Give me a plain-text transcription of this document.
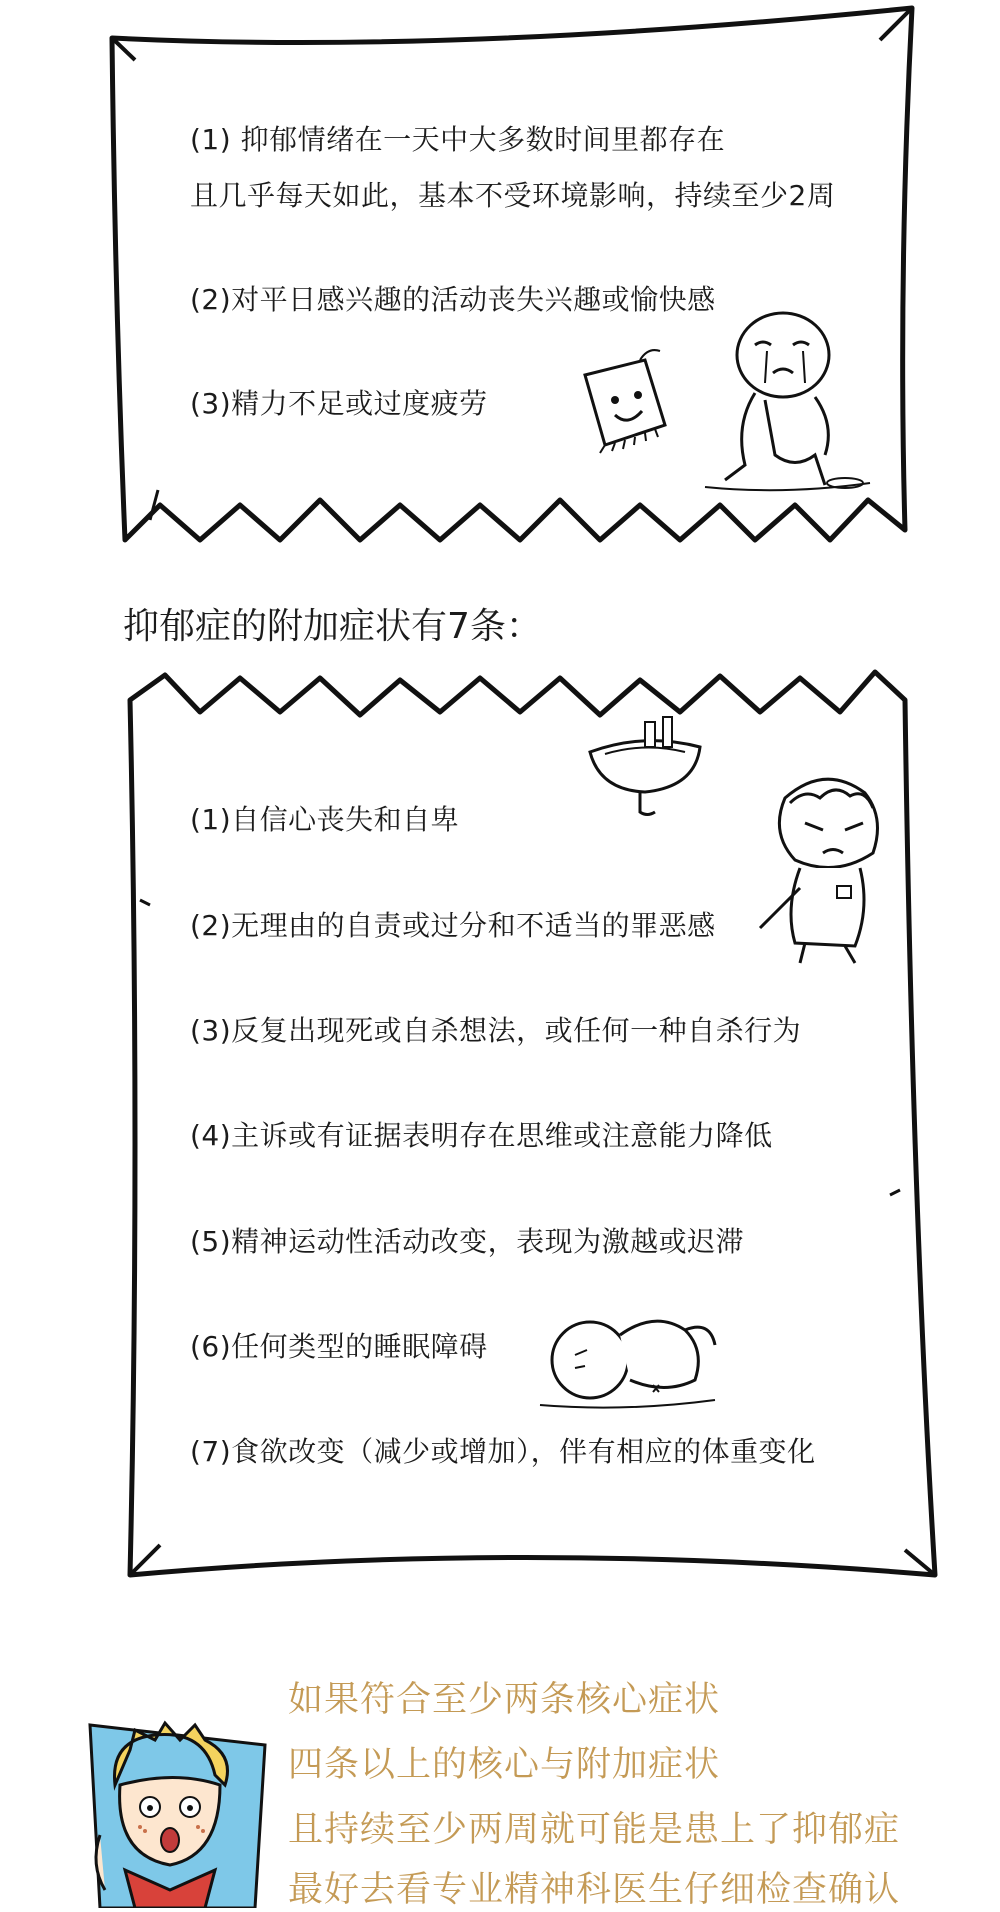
(1) 抑郁情绪在一天中大多数时间里都存在
且几乎每天如此，基本不受环境影响，持续至少2周
(2)对平日感兴趣的活动丧失兴趣或愉快感
(3)精力不足或过度疲劳
抑郁症的附加症状有7条：
(1)自信心丧失和自卑
(2)无理由的自责或过分和不适当的罪恶感
(3)反复出现死或自杀想法，或任何一种自杀行为
(4)主诉或有证据表明存在思维或注意能力降低
(5)精神运动性活动改变，表现为激越或迟滞
(6)任何类型的睡眠障碍
(7)食欲改变（减少或增加），伴有相应的体重变化
如果符合至少两条核心症状
四条以上的核心与附加症状
且持续至少两周就可能是患上了抑郁症
最好去看专业精神科医生仔细检查确认
